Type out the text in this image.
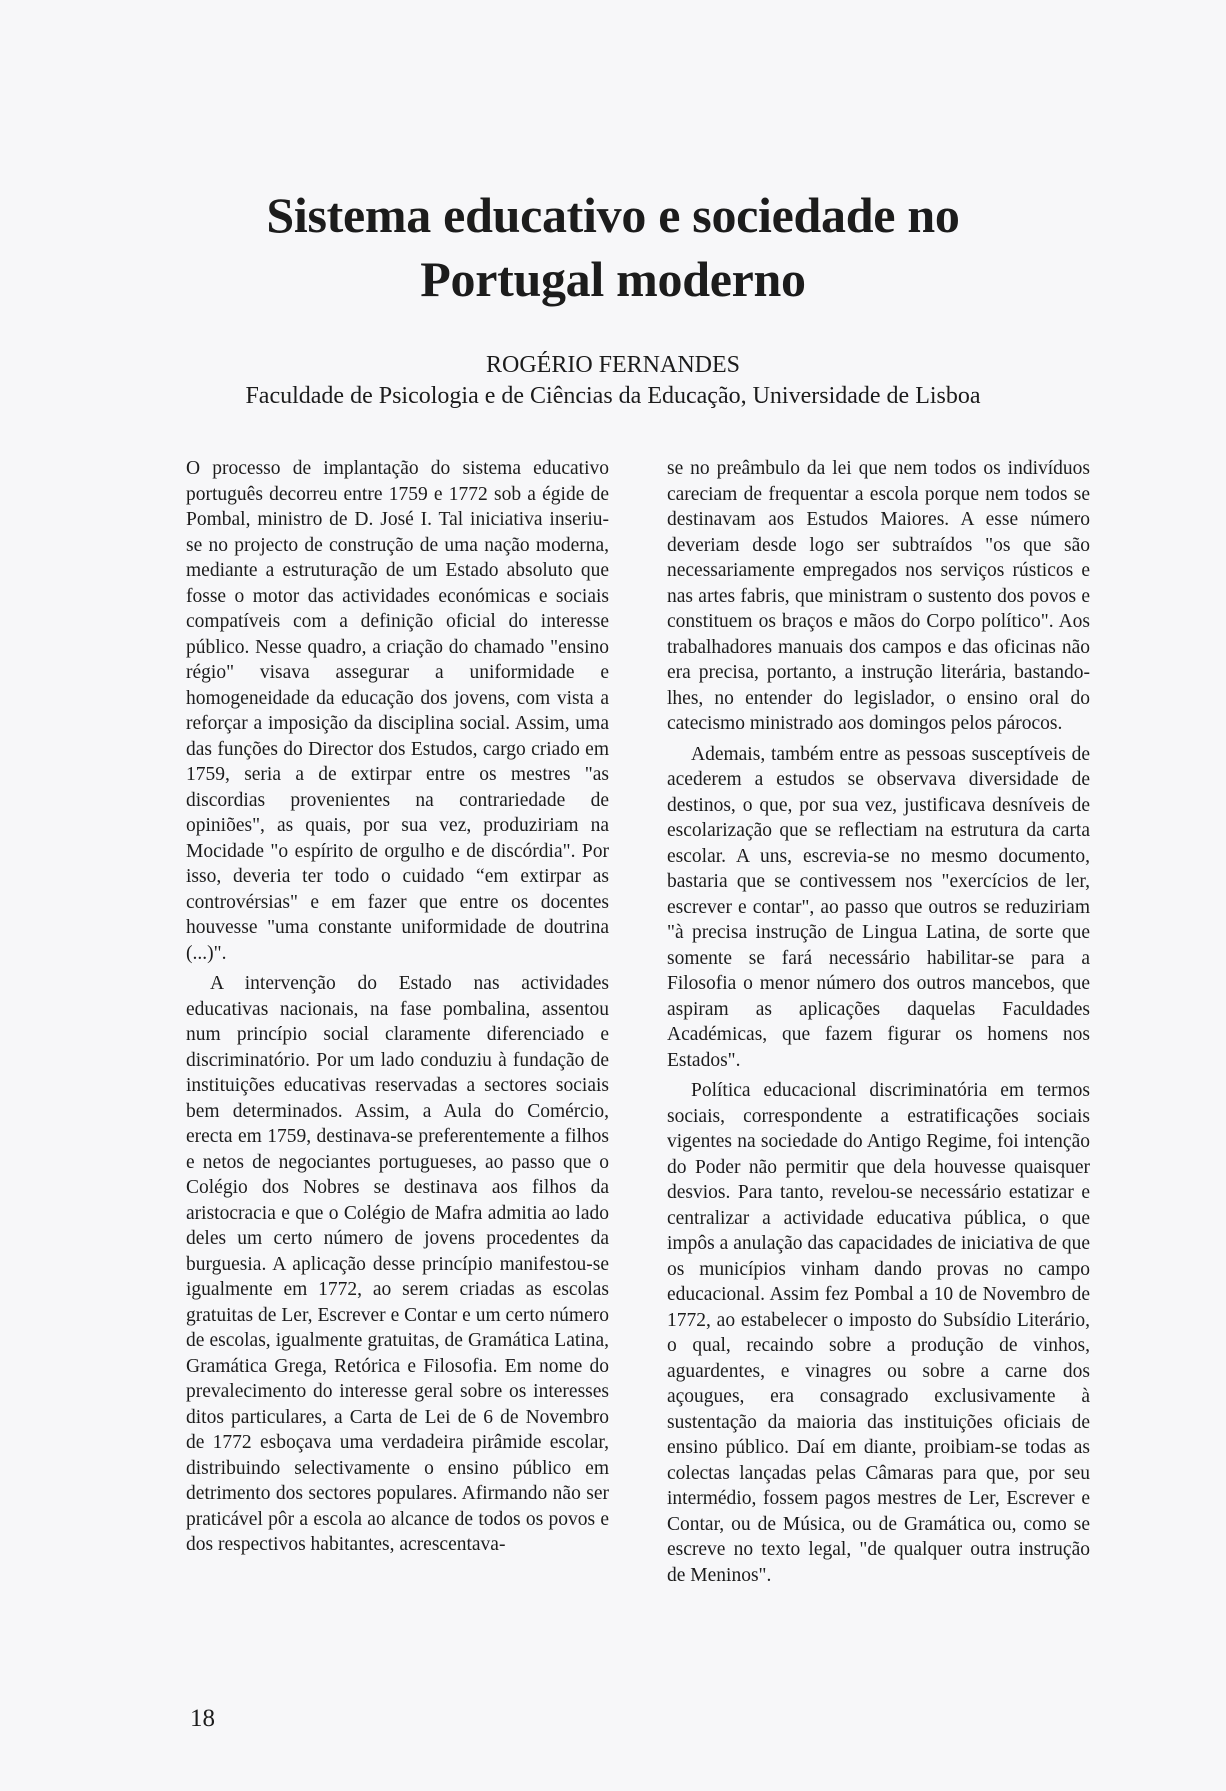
Sistema educativo e sociedade no Portugal moderno

ROGÉRIO FERNANDES

Faculdade de Psicologia e de Ciências da Educação, Universidade de Lisboa

O processo de implantação do sistema educativo português decorreu entre 1759 e 1772 sob a égide de Pombal, ministro de D. José I. Tal iniciativa inseriu-se no projecto de construção de uma nação moderna, mediante a estruturação de um Estado absoluto que fosse o motor das actividades económicas e sociais compatíveis com a definição oficial do interesse público. Nesse quadro, a criação do chamado "ensino régio" visava assegurar a uniformidade e homogeneidade da educação dos jovens, com vista a reforçar a imposição da disciplina social. Assim, uma das funções do Director dos Estudos, cargo criado em 1759, seria a de extirpar entre os mestres "as discordias provenientes na contrariedade de opiniões", as quais, por sua vez, produziriam na Mocidade "o espírito de orgulho e de discórdia". Por isso, deveria ter todo o cuidado “em extirpar as controvérsias" e em fazer que entre os docentes houvesse "uma constante uniformidade de doutrina (...)".

A intervenção do Estado nas actividades educativas nacionais, na fase pombalina, assentou num princípio social claramente diferenciado e discriminatório. Por um lado conduziu à fundação de instituições educativas reservadas a sectores sociais bem determinados. Assim, a Aula do Comércio, erecta em 1759, destinava-se preferentemente a filhos e netos de negociantes portugueses, ao passo que o Colégio dos Nobres se destinava aos filhos da aristocracia e que o Colégio de Mafra admitia ao lado deles um certo número de jovens procedentes da burguesia. A aplicação desse princípio manifestou-se igualmente em 1772, ao serem criadas as escolas gratuitas de Ler, Escrever e Contar e um certo número de escolas, igualmente gratuitas, de Gramática Latina, Gramática Grega, Retórica e Filosofia. Em nome do prevalecimento do interesse geral sobre os interesses ditos particulares, a Carta de Lei de 6 de Novembro de 1772 esboçava uma verdadeira pirâmide escolar, distribuindo selectivamente o ensino público em detrimento dos sectores populares. Afirmando não ser praticável pôr a escola ao alcance de todos os povos e dos respectivos habitantes, acrescentava-

se no preâmbulo da lei que nem todos os indivíduos careciam de frequentar a escola porque nem todos se destinavam aos Estudos Maiores. A esse número deveriam desde logo ser subtraídos "os que são necessariamente empregados nos serviços rústicos e nas artes fabris, que ministram o sustento dos povos e constituem os braços e mãos do Corpo político". Aos trabalhadores manuais dos campos e das oficinas não era precisa, portanto, a instrução literária, bastando-lhes, no entender do legislador, o ensino oral do catecismo ministrado aos domingos pelos párocos.

Ademais, também entre as pessoas susceptíveis de acederem a estudos se observava diversidade de destinos, o que, por sua vez, justificava desníveis de escolarização que se reflectiam na estrutura da carta escolar. A uns, escrevia-se no mesmo documento, bastaria que se contivessem nos "exercícios de ler, escrever e contar", ao passo que outros se reduziriam "à precisa instrução de Lingua Latina, de sorte que somente se fará necessário habilitar-se para a Filosofia o menor número dos outros mancebos, que aspiram as aplicações daquelas Faculdades Académicas, que fazem figurar os homens nos Estados".

Política educacional discriminatória em termos sociais, correspondente a estratificações sociais vigentes na sociedade do Antigo Regime, foi intenção do Poder não permitir que dela houvesse quaisquer desvios. Para tanto, revelou-se necessário estatizar e centralizar a actividade educativa pública, o que impôs a anulação das capacidades de iniciativa de que os municípios vinham dando provas no campo educacional. Assim fez Pombal a 10 de Novembro de 1772, ao estabelecer o imposto do Subsídio Literário, o qual, recaindo sobre a produção de vinhos, aguardentes, e vinagres ou sobre a carne dos açougues, era consagrado exclusivamente à sustentação da maioria das instituições oficiais de ensino público. Daí em diante, proibiam-se todas as colectas lançadas pelas Câmaras para que, por seu intermédio, fossem pagos mestres de Ler, Escrever e Contar, ou de Música, ou de Gramática ou, como se escreve no texto legal, "de qualquer outra instrução de Meninos".

18
